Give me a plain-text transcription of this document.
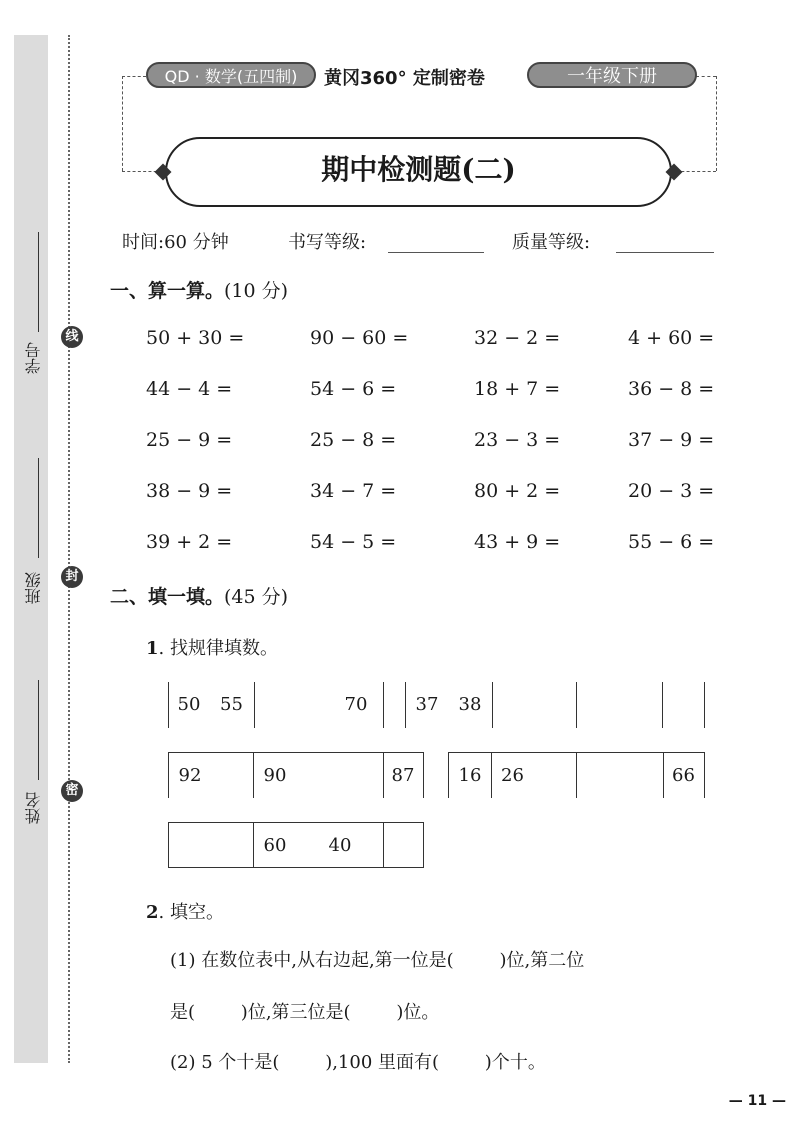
学号
班级
姓名
线
封
密
QD · 数学(五四制)	黄冈360° 定制密卷	一年级下册
期中检测题(二)
时间:60 分钟	书写等级:	质量等级:
一、算一算。(10 分)
50 + 30 =	90 − 60 =	32 − 2 =	4 + 60 =
44 − 4 =	54 − 6 =	18 + 7 =	36 − 8 =
25 − 9 =	25 − 8 =	23 − 3 =	37 − 9 =
38 − 9 =	34 − 7 =	80 + 2 =	20 − 3 =
39 + 2 =	54 − 5 =	43 + 9 =	55 − 6 =
二、填一填。(45 分)
1. 找规律填数。
50	55	70	37	38
92	90	87	16	26	66
60	40
2. 填空。
(1) 在数位表中,从右边起,第一位是(        )位,第二位
是(        )位,第三位是(        )位。
(2) 5 个十是(        ),100 里面有(        )个十。
— 11 —
